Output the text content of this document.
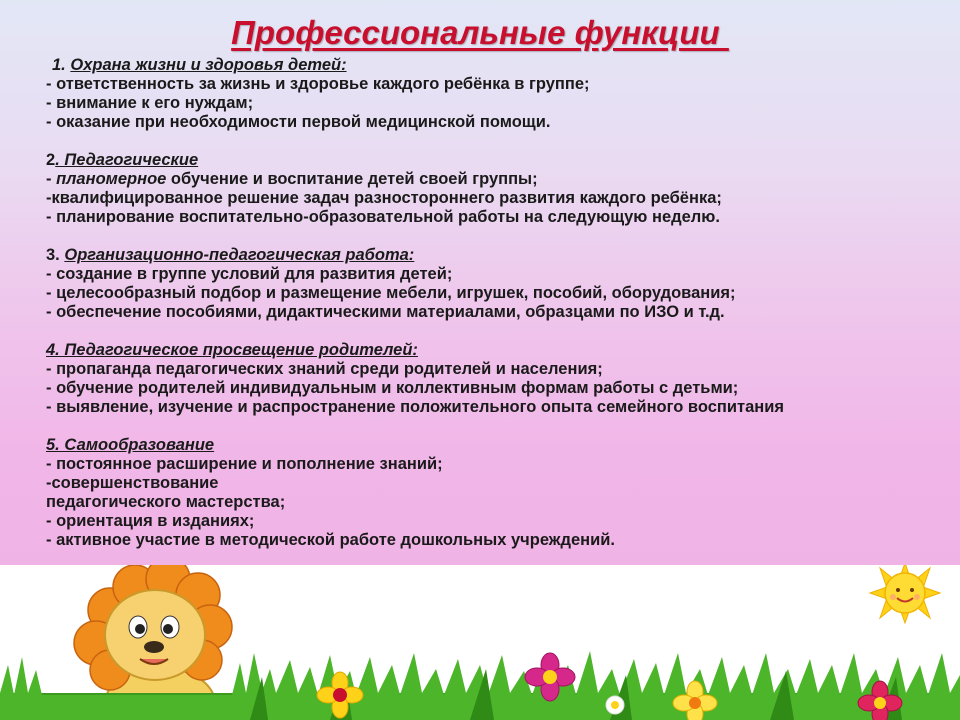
Профессиональные функции
1. Охрана жизни и здоровья детей:
- ответственность за жизнь и здоровье каждого ребёнка в группе;
- внимание к его нуждам;
- оказание при необходимости первой медицинской помощи.
2. Педагогические
- планомерное обучение и воспитание детей своей группы;
-квалифицированное решение задач разностороннего развития каждого ребёнка;
- планирование воспитательно-образовательной работы на следующую неделю.
3. Организационно-педагогическая работа:
- создание в группе условий для развития детей;
- целесообразный подбор и размещение мебели, игрушек, пособий, оборудования;
- обеспечение пособиями, дидактическими материалами, образцами по ИЗО и т.д.
4. Педагогическое просвещение родителей:
- пропаганда педагогических знаний среди родителей и населения;
- обучение родителей индивидуальным и коллективным формам работы с детьми;
- выявление, изучение и распространение положительного опыта семейного воспитания
5. Самообразование
- постоянное расширение и пополнение знаний;
-совершенствование
педагогического мастерства;
- ориентация в изданиях;
- активное участие в методической работе дошкольных учреждений.
